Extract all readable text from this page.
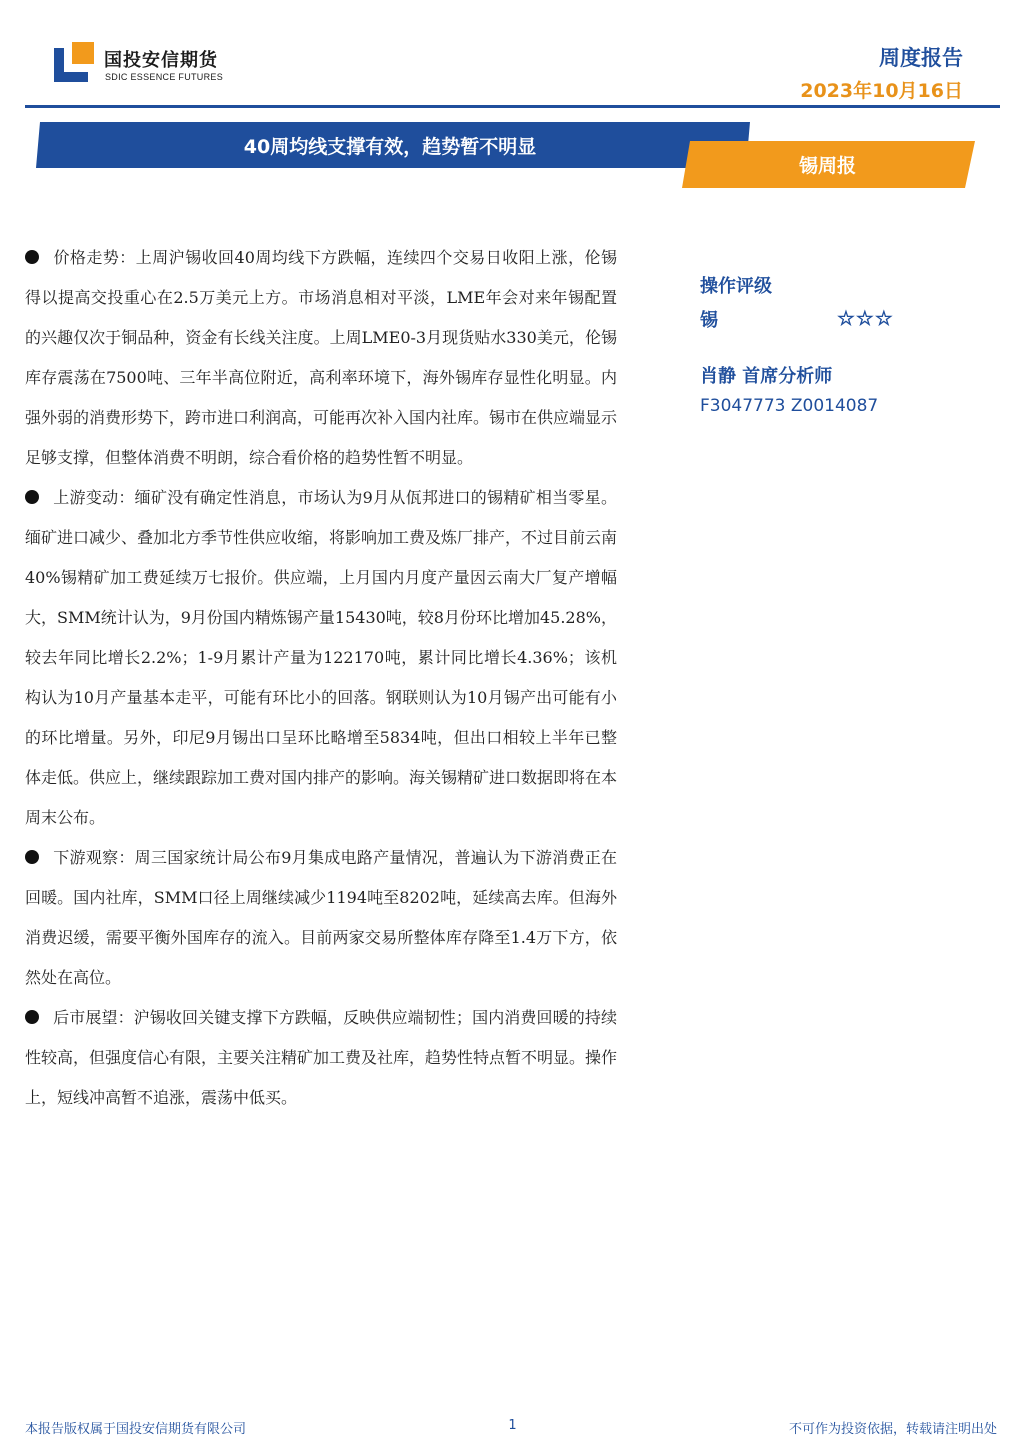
国投安信期货
SDIC ESSENCE FUTURES
周度报告
2023年10月16日
40周均线支撑有效，趋势暂不明显
锡周报

价格走势：上周沪锡收回40周均线下方跌幅，连续四个交易日收阳上涨，伦锡得以提高交投重心在2.5万美元上方。市场消息相对平淡，LME年会对来年锡配置的兴趣仅次于铜品种，资金有长线关注度。上周LME0-3月现货贴水330美元，伦锡库存震荡在7500吨、三年半高位附近，高利率环境下，海外锡库存显性化明显。内强外弱的消费形势下，跨市进口利润高，可能再次补入国内社库。锡市在供应端显示足够支撑，但整体消费不明朗，综合看价格的趋势性暂不明显。

上游变动：缅矿没有确定性消息，市场认为9月从佤邦进口的锡精矿相当零星。缅矿进口减少、叠加北方季节性供应收缩，将影响加工费及炼厂排产，不过目前云南40%锡精矿加工费延续万七报价。供应端，上月国内月度产量因云南大厂复产增幅大，SMM统计认为，9月份国内精炼锡产量15430吨，较8月份环比增加45.28%，较去年同比增长2.2%；1-9月累计产量为122170吨，累计同比增长4.36%；该机构认为10月产量基本走平，可能有环比小的回落。钢联则认为10月锡产出可能有小的环比增量。另外，印尼9月锡出口呈环比略增至5834吨，但出口相较上半年已整体走低。供应上，继续跟踪加工费对国内排产的影响。海关锡精矿进口数据即将在本周末公布。

下游观察：周三国家统计局公布9月集成电路产量情况，普遍认为下游消费正在回暖。国内社库，SMM口径上周继续减少1194吨至8202吨，延续高去库。但海外消费迟缓，需要平衡外国库存的流入。目前两家交易所整体库存降至1.4万下方，依然处在高位。

后市展望：沪锡收回关键支撑下方跌幅，反映供应端韧性；国内消费回暖的持续性较高，但强度信心有限，主要关注精矿加工费及社库，趋势性特点暂不明显。操作上，短线冲高暂不追涨，震荡中低买。

操作评级
锡	☆☆☆
肖静 首席分析师
F3047773 Z0014087
本报告版权属于国投安信期货有限公司	1	不可作为投资依据，转载请注明出处
